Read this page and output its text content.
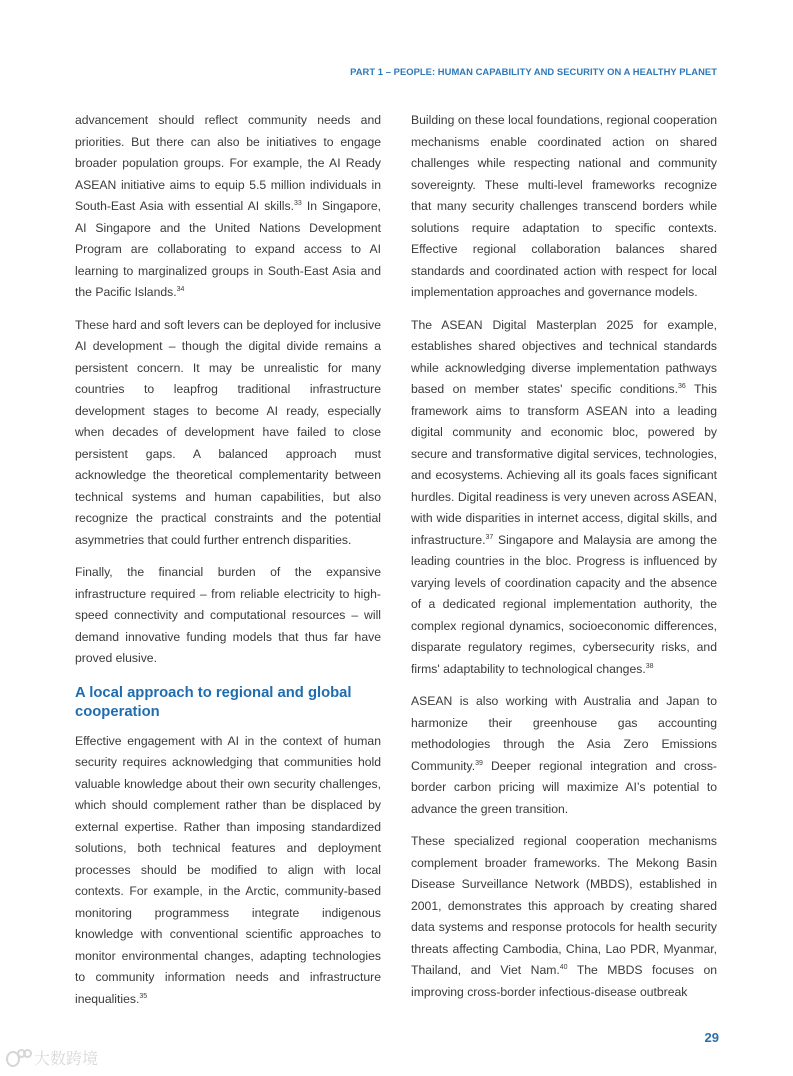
PART 1 – PEOPLE: HUMAN CAPABILITY AND SECURITY ON A HEALTHY PLANET

advancement should reflect community needs and priorities. But there can also be initiatives to engage broader population groups. For example, the AI Ready ASEAN initiative aims to equip 5.5 million individuals in South-East Asia with essential AI skills.$^{33}$ In Singapore, AI Singapore and the United Nations Development Program are collaborating to expand access to AI learning to marginalized groups in South-East Asia and the Pacific Islands.$^{34}$

These hard and soft levers can be deployed for inclusive AI development – though the digital divide remains a persistent concern. It may be unrealistic for many countries to leapfrog traditional infrastructure development stages to become AI ready, especially when decades of development have failed to close persistent gaps. A balanced approach must acknowledge the theoretical complementarity between technical systems and human capabilities, but also recognize the practical constraints and the potential asymmetries that could further entrench disparities.

Finally, the financial burden of the expansive infrastructure required – from reliable electricity to high-speed connectivity and computational resources – will demand innovative funding models that thus far have proved elusive.

A local approach to regional and global cooperation

Effective engagement with AI in the context of human security requires acknowledging that communities hold valuable knowledge about their own security challenges, which should complement rather than be displaced by external expertise. Rather than imposing standardized solutions, both technical features and deployment processes should be modified to align with local contexts. For example, in the Arctic, community-based monitoring programmess integrate indigenous knowledge with conventional scientific approaches to monitor environmental changes, adapting technologies to community information needs and infrastructure inequalities.$^{35}$

Building on these local foundations, regional cooperation mechanisms enable coordinated action on shared challenges while respecting national and community sovereignty. These multi-level frameworks recognize that many security challenges transcend borders while solutions require adaptation to specific contexts. Effective regional collaboration balances shared standards and coordinated action with respect for local implementation approaches and governance models.

The ASEAN Digital Masterplan 2025 for example, establishes shared objectives and technical standards while acknowledging diverse implementation pathways based on member states' specific conditions.$^{36}$ This framework aims to transform ASEAN into a leading digital community and economic bloc, powered by secure and transformative digital services, technologies, and ecosystems. Achieving all its goals faces significant hurdles. Digital readiness is very uneven across ASEAN, with wide disparities in internet access, digital skills, and infrastructure.$^{37}$ Singapore and Malaysia are among the leading countries in the bloc. Progress is influenced by varying levels of coordination capacity and the absence of a dedicated regional implementation authority, the complex regional dynamics, socioeconomic differences, disparate regulatory regimes, cybersecurity risks, and firms' adaptability to technological changes.$^{38}$

ASEAN is also working with Australia and Japan to harmonize their greenhouse gas accounting methodologies through the Asia Zero Emissions Community.$^{39}$ Deeper regional integration and cross-border carbon pricing will maximize AI’s potential to advance the green transition.

These specialized regional cooperation mechanisms complement broader frameworks. The Mekong Basin Disease Surveillance Network (MBDS), established in 2001, demonstrates this approach by creating shared data systems and response protocols for health security threats affecting Cambodia, China, Lao PDR, Myanmar, Thailand, and Viet Nam.$^{40}$ The MBDS focuses on improving cross-border infectious-disease outbreak

29
大数跨境
